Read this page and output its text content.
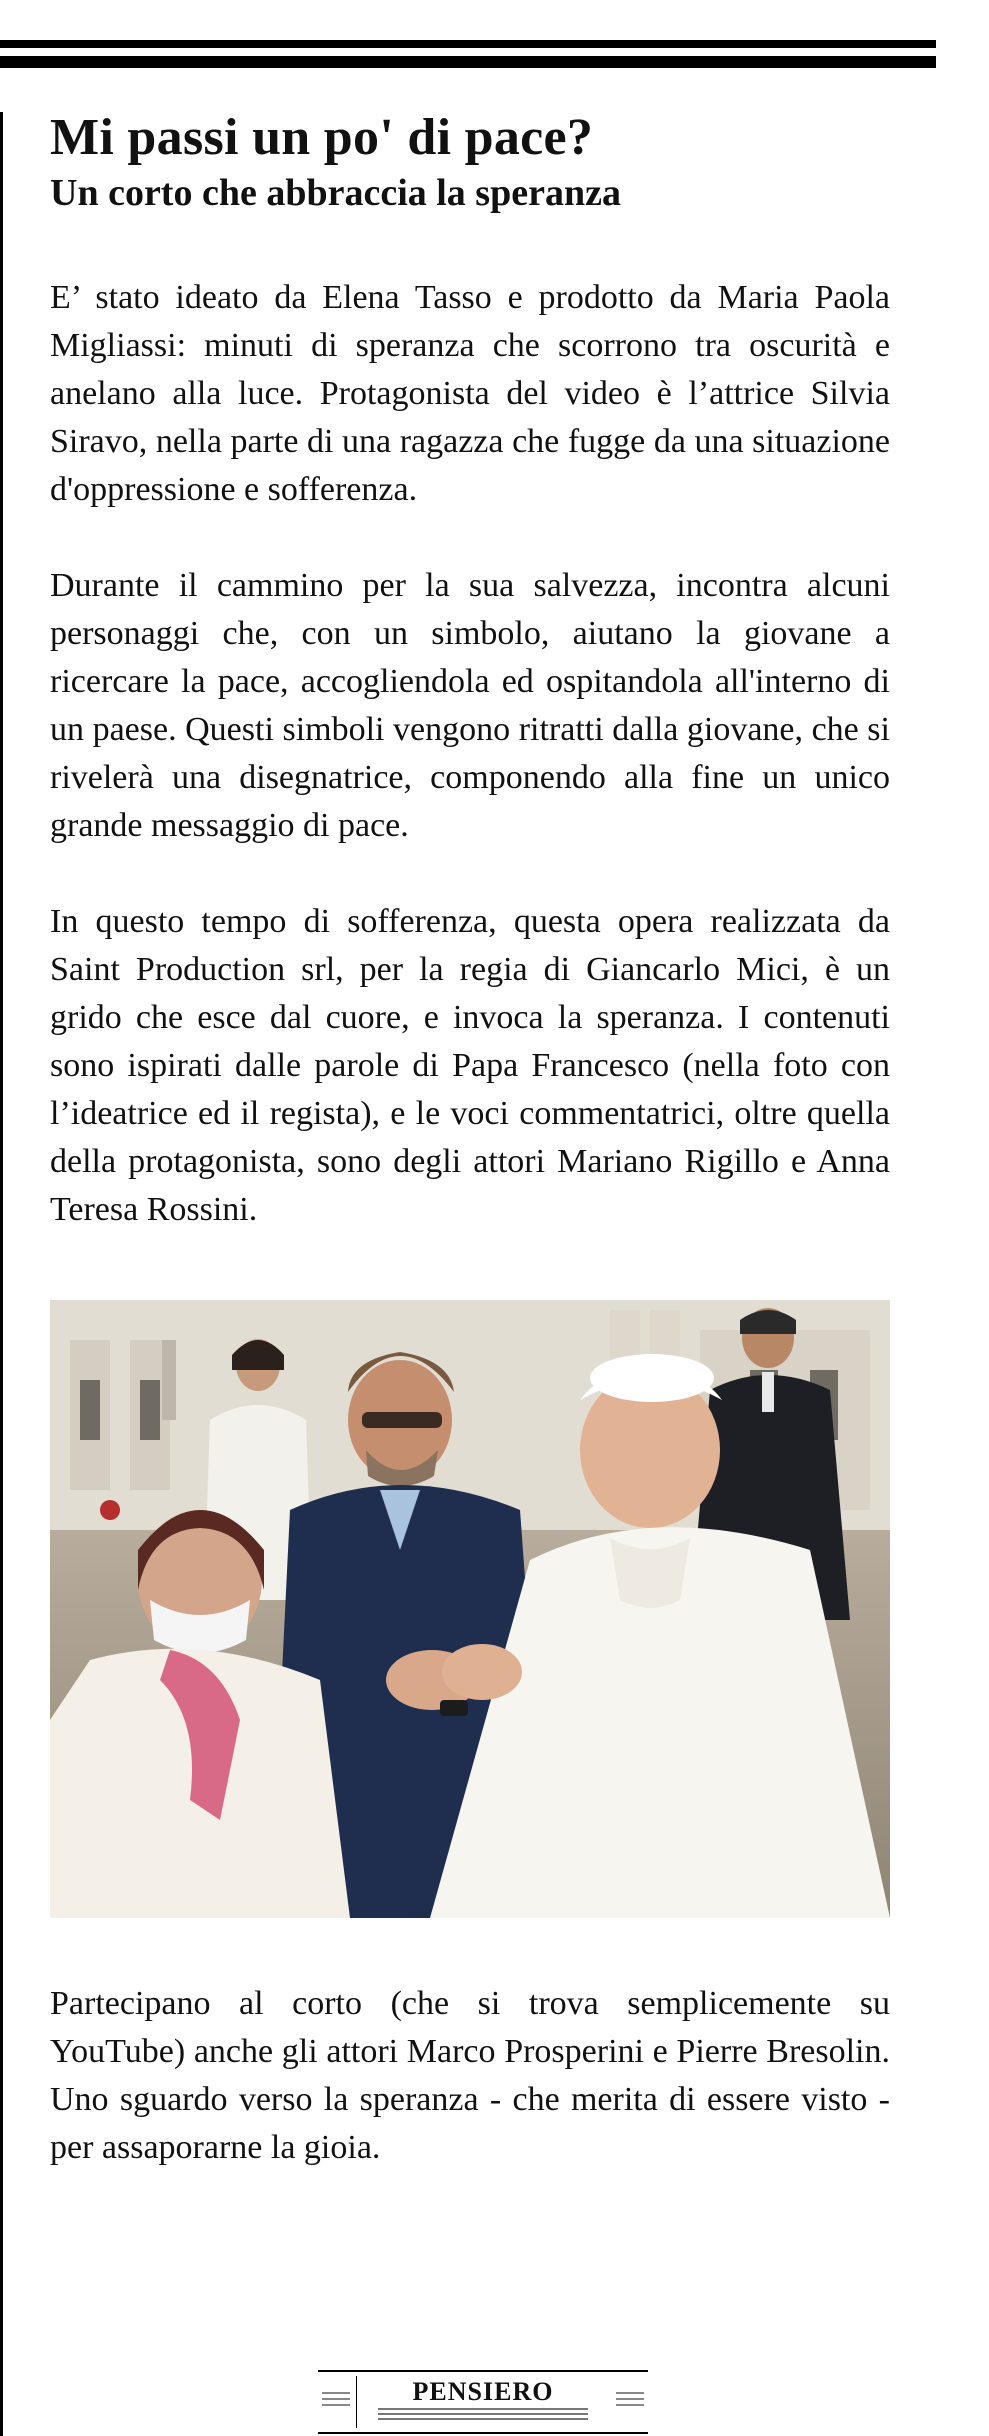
Mi passi un po' di pace?
Un corto che abbraccia la speranza

E’ stato ideato da Elena Tasso e prodotto da Maria Paola Migliassi: minuti di speranza che scorrono tra oscurità e anelano alla luce. Protagonista del video è l’attrice Silvia Siravo, nella parte di una ragazza che fugge da una situazione d'oppressione e sofferenza.

Durante il cammino per la sua salvezza, incontra alcuni personaggi che, con un simbolo, aiutano la giovane a ricercare la pace, accogliendola ed ospitandola all'interno di un paese. Questi simboli vengono ritratti dalla giovane, che si rivelerà una disegnatrice, componendo alla fine un unico grande messaggio di pace.

In questo tempo di sofferenza, questa opera realizzata da Saint Production srl, per la regia di Giancarlo Mici, è un grido che esce dal cuore, e invoca la speranza. I contenuti sono ispirati dalle parole di Papa Francesco (nella foto con l’ideatrice ed il regista), e le voci commentatrici, oltre quella della protagonista, sono degli attori Mariano Rigillo e Anna Teresa Rossini.

Partecipano al corto (che si trova semplicemente su YouTube) anche gli attori Marco Prosperini e Pierre Bresolin. Uno sguardo verso la speranza - che merita di essere visto - per assaporarne la gioia.

PENSIERO
